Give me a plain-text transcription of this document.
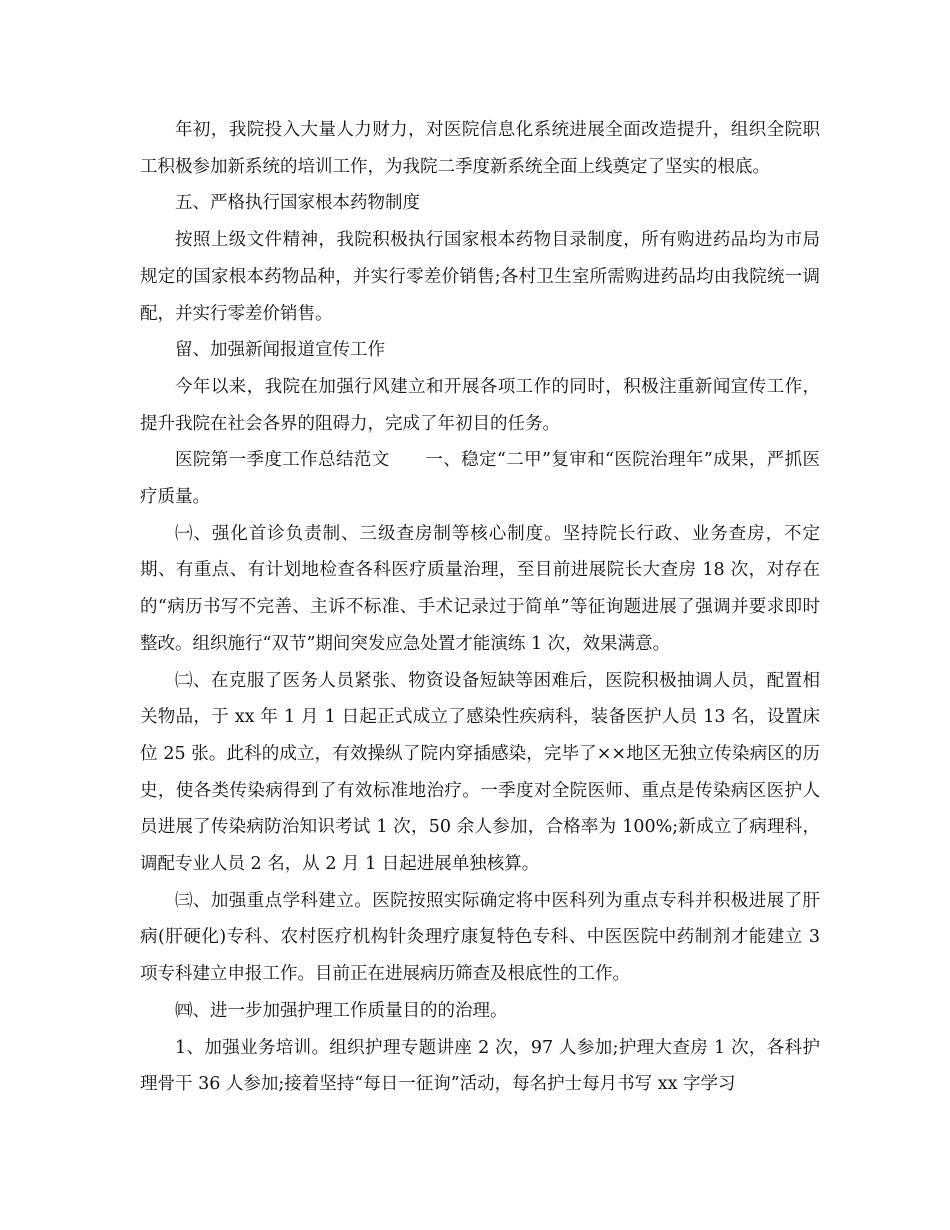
年初，我院投入大量人力财力，对医院信息化系统进展全面改造提升，组织全院职工积极参加新系统的培训工作，为我院二季度新系统全面上线奠定了坚实的根底。

五、严格执行国家根本药物制度

按照上级文件精神，我院积极执行国家根本药物目录制度，所有购进药品均为市局规定的国家根本药物品种，并实行零差价销售;各村卫生室所需购进药品均由我院统一调配，并实行零差价销售。

留、加强新闻报道宣传工作

今年以来，我院在加强行风建立和开展各项工作的同时，积极注重新闻宣传工作，提升我院在社会各界的阻碍力，完成了年初目的任务。

医院第一季度工作总结范文　　一、稳定“二甲”复审和“医院治理年”成果，严抓医疗质量。

㈠、强化首诊负责制、三级查房制等核心制度。坚持院长行政、业务查房，不定期、有重点、有计划地检查各科医疗质量治理，至目前进展院长大查房 18 次，对存在的“病历书写不完善、主诉不标准、手术记录过于简单”等征询题进展了强调并要求即时整改。组织施行“双节”期间突发应急处置才能演练 1 次，效果满意。

㈡、在克服了医务人员紧张、物资设备短缺等困难后，医院积极抽调人员，配置相关物品，于 xx 年 1 月 1 日起正式成立了感染性疾病科，装备医护人员 13 名，设置床位 25 张。此科的成立，有效操纵了院内穿插感染，完毕了××地区无独立传染病区的历史，使各类传染病得到了有效标准地治疗。一季度对全院医师、重点是传染病区医护人员进展了传染病防治知识考试 1 次，50 余人参加，合格率为 100%;新成立了病理科，调配专业人员 2 名，从 2 月 1 日起进展单独核算。

㈢、加强重点学科建立。医院按照实际确定将中医科列为重点专科并积极进展了肝病(肝硬化)专科、农村医疗机构针灸理疗康复特色专科、中医医院中药制剂才能建立 3 项专科建立申报工作。目前正在进展病历筛查及根底性的工作。

㈣、进一步加强护理工作质量目的的治理。

1、加强业务培训。组织护理专题讲座 2 次，97 人参加;护理大查房 1 次，各科护理骨干 36 人参加;接着坚持“每日一征询”活动，每名护士每月书写 xx 字学习
